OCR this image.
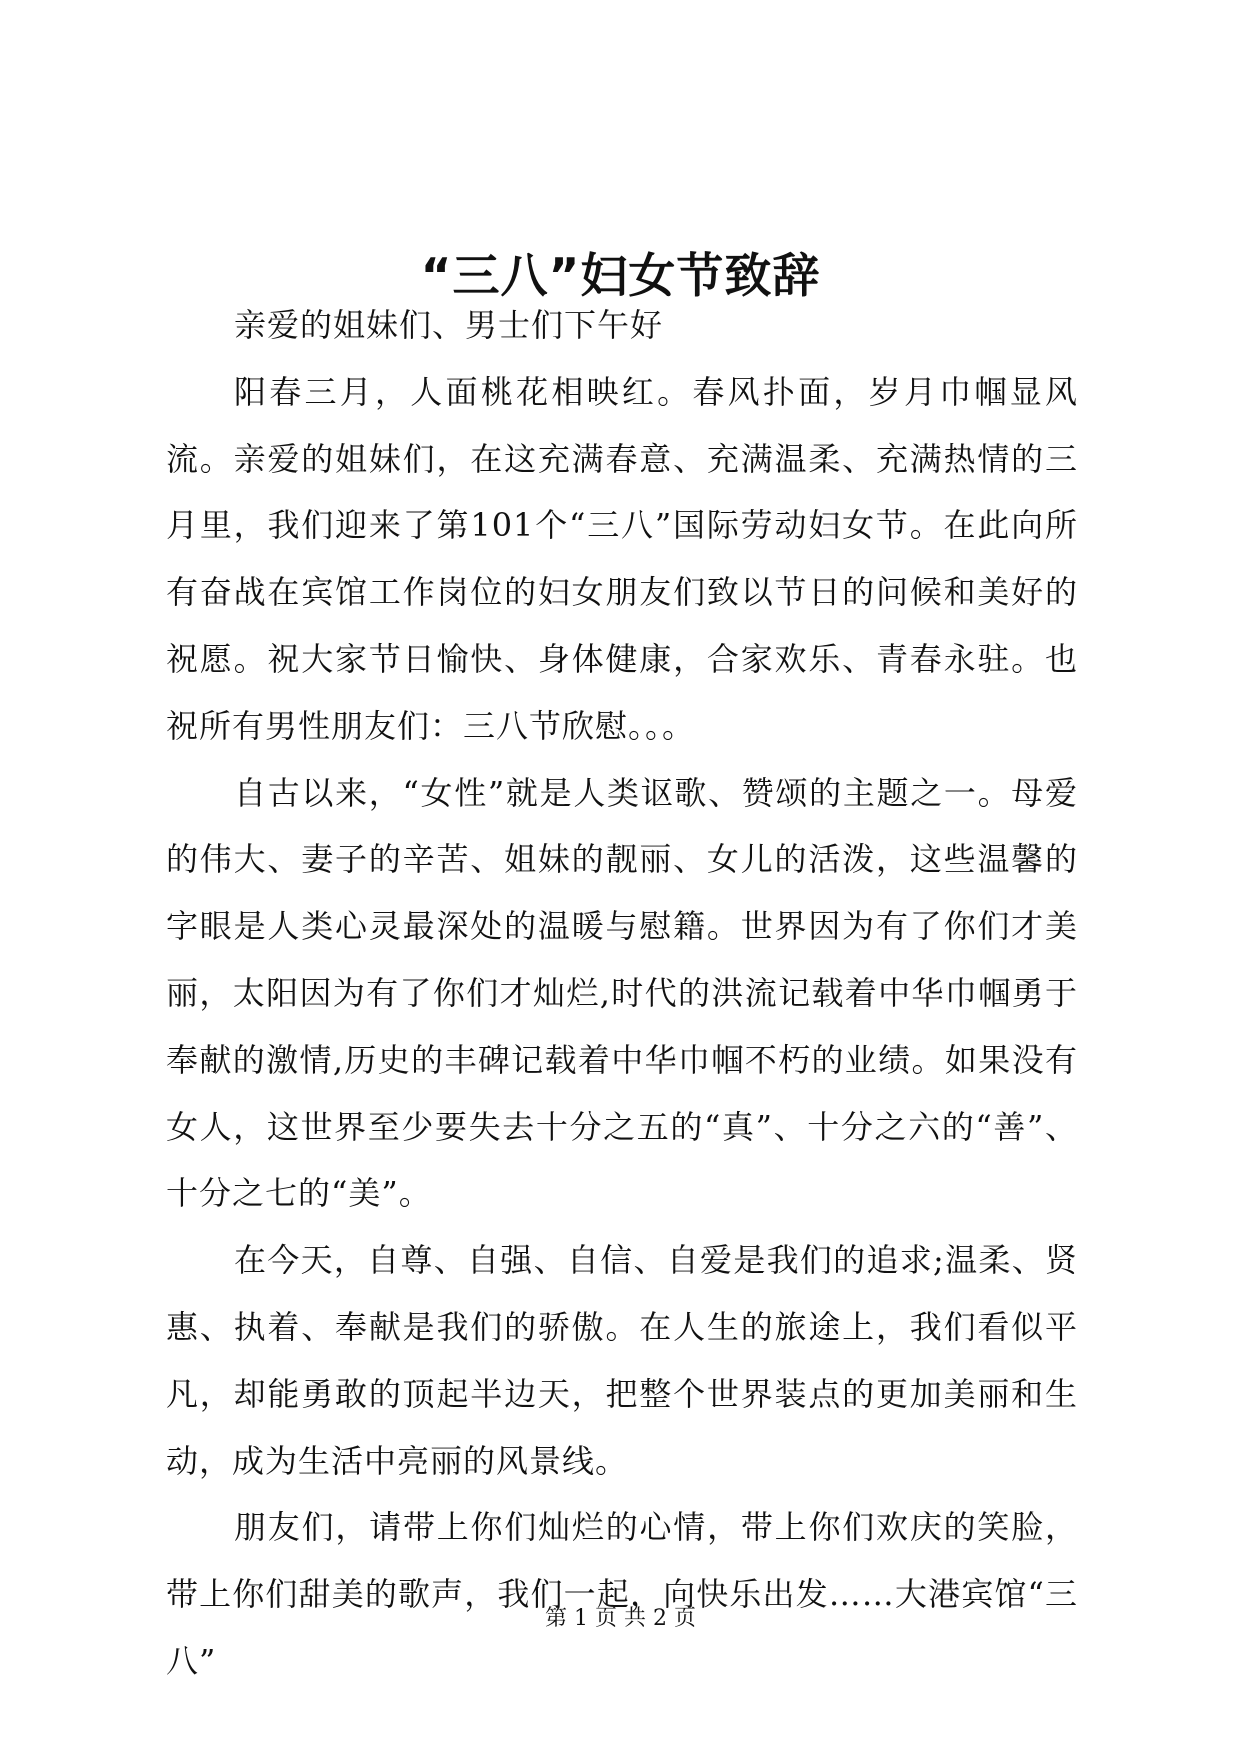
“三八”妇女节致辞

亲爱的姐妹们、男士们下午好

阳春三月，人面桃花相映红。春风扑面，岁月巾帼显风流。亲爱的姐妹们，在这充满春意、充满温柔、充满热情的三月里，我们迎来了第101个“三八”国际劳动妇女节。在此向所有奋战在宾馆工作岗位的妇女朋友们致以节日的问候和美好的祝愿。祝大家节日愉快、身体健康，合家欢乐、青春永驻。也祝所有男性朋友们：三八节欣慰。。。

自古以来，“女性”就是人类讴歌、赞颂的主题之一。母爱的伟大、妻子的辛苦、姐妹的靓丽、女儿的活泼，这些温馨的字眼是人类心灵最深处的温暖与慰籍。世界因为有了你们才美丽，太阳因为有了你们才灿烂,时代的洪流记载着中华巾帼勇于奉献的激情,历史的丰碑记载着中华巾帼不朽的业绩。如果没有女人，这世界至少要失去十分之五的“真”、十分之六的“善”、十分之七的“美”。

在今天，自尊、自强、自信、自爱是我们的追求;温柔、贤惠、执着、奉献是我们的骄傲。在人生的旅途上，我们看似平凡，却能勇敢的顶起半边天，把整个世界装点的更加美丽和生动，成为生活中亮丽的风景线。

朋友们，请带上你们灿烂的心情，带上你们欢庆的笑脸，带上你们甜美的歌声，我们一起，向快乐出发……大港宾馆“三八”

第 1 页 共 2 页
